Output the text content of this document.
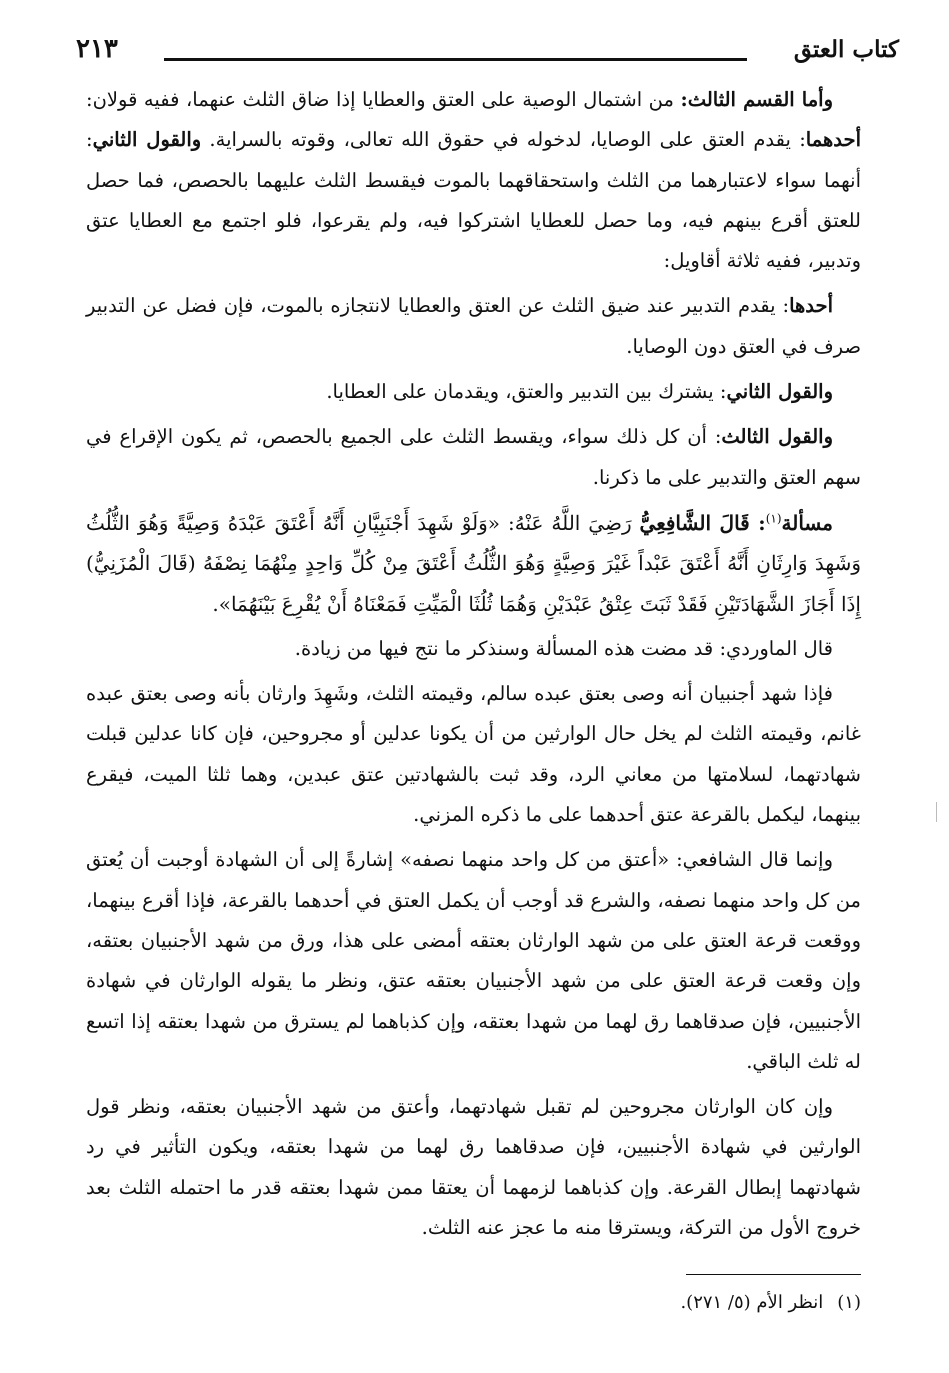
كتاب العتق
٢١٣

وأما القسم الثالث: من اشتمال الوصية على العتق والعطايا إذا ضاق الثلث عنهما، ففيه قولان: أحدهما: يقدم العتق على الوصايا، لدخوله في حقوق الله تعالى، وقوته بالسراية. والقول الثاني: أنهما سواء لاعتبارهما من الثلث واستحقاقهما بالموت فيقسط الثلث عليهما بالحصص، فما حصل للعتق أقرع بينهم فيه، وما حصل للعطايا اشتركوا فيه، ولم يقرعوا، فلو اجتمع مع العطايا عتق وتدبير، ففيه ثلاثة أقاويل:

أحدها: يقدم التدبير عند ضيق الثلث عن العتق والعطايا لانتجازه بالموت، فإن فضل عن التدبير صرف في العتق دون الوصايا.

والقول الثاني: يشترك بين التدبير والعتق، ويقدمان على العطايا.

والقول الثالث: أن كل ذلك سواء، ويقسط الثلث على الجميع بالحصص، ثم يكون الإقراع في سهم العتق والتدبير على ما ذكرنا.

مسألة$^{(١)}$: قَالَ الشَّافِعِيُّ رَضِيَ اللَّهُ عَنْهُ: «وَلَوْ شَهِدَ أَجْنَبِيَّانِ أَنَّهُ أَعْتَقَ عَبْدَهُ وَصِيَّةً وَهُوَ الثُّلُثُ وَشَهِدَ وَارِثَانِ أَنَّهُ أَعْتَقَ عَبْداً غَيْرَ وَصِيَّةٍ وَهُوَ الثُّلُثُ أَعْتَقَ مِنْ كُلِّ وَاحِدٍ مِنْهُمَا نِصْفَهُ (قَالَ الْمُزَنِيُّ) إِذَا أَجَازَ الشَّهَادَتَيْنِ فَقَدْ ثَبَتَ عِتْقُ عَبْدَيْنِ وَهُمَا ثُلُثَا الْمَيِّتِ فَمَعْنَاهُ أَنْ يُقْرِعَ بَيْنَهُمَا».

قال الماوردي: قد مضت هذه المسألة وسنذكر ما نتج فيها من زيادة.

فإذا شهد أجنبيان أنه وصى بعتق عبده سالم، وقيمته الثلث، وشَهِدَ وارثان بأنه وصى بعتق عبده غانم، وقيمته الثلث لم يخل حال الوارثين من أن يكونا عدلين أو مجروحين، فإن كانا عدلين قبلت شهادتهما، لسلامتها من معاني الرد، وقد ثبت بالشهادتين عتق عبدين، وهما ثلثا الميت، فيقرع بينهما، ليكمل بالقرعة عتق أحدهما على ما ذكره المزني.

وإنما قال الشافعي: «أعتق من كل واحد منهما نصفه» إشارةً إلى أن الشهادة أوجبت أن يُعتق من كل واحد منهما نصفه، والشرع قد أوجب أن يكمل العتق في أحدهما بالقرعة، فإذا أقرع بينهما، ووقعت قرعة العتق على من شهد الوارثان بعتقه أمضى على هذا، ورق من شهد الأجنبيان بعتقه، وإن وقعت قرعة العتق على من شهد الأجنبيان بعتقه عتق، ونظر ما يقوله الوارثان في شهادة الأجنبيين، فإن صدقاهما رق لهما من شهدا بعتقه، وإن كذباهما لم يسترق من شهدا بعتقه إذا اتسع له ثلث الباقي.

وإن كان الوارثان مجروحين لم تقبل شهادتهما، وأعتق من شهد الأجنبيان بعتقه، ونظر قول الوارثين في شهادة الأجنبيين، فإن صدقاهما رق لهما من شهدا بعتقه، ويكون التأثير في رد شهادتهما إبطال القرعة. وإن كذباهما لزمهما أن يعتقا ممن شهدا بعتقه قدر ما احتمله الثلث بعد خروج الأول من التركة، ويسترقا منه ما عجز عنه الثلث.

(١)انظر الأم (٥/ ٢٧١).
